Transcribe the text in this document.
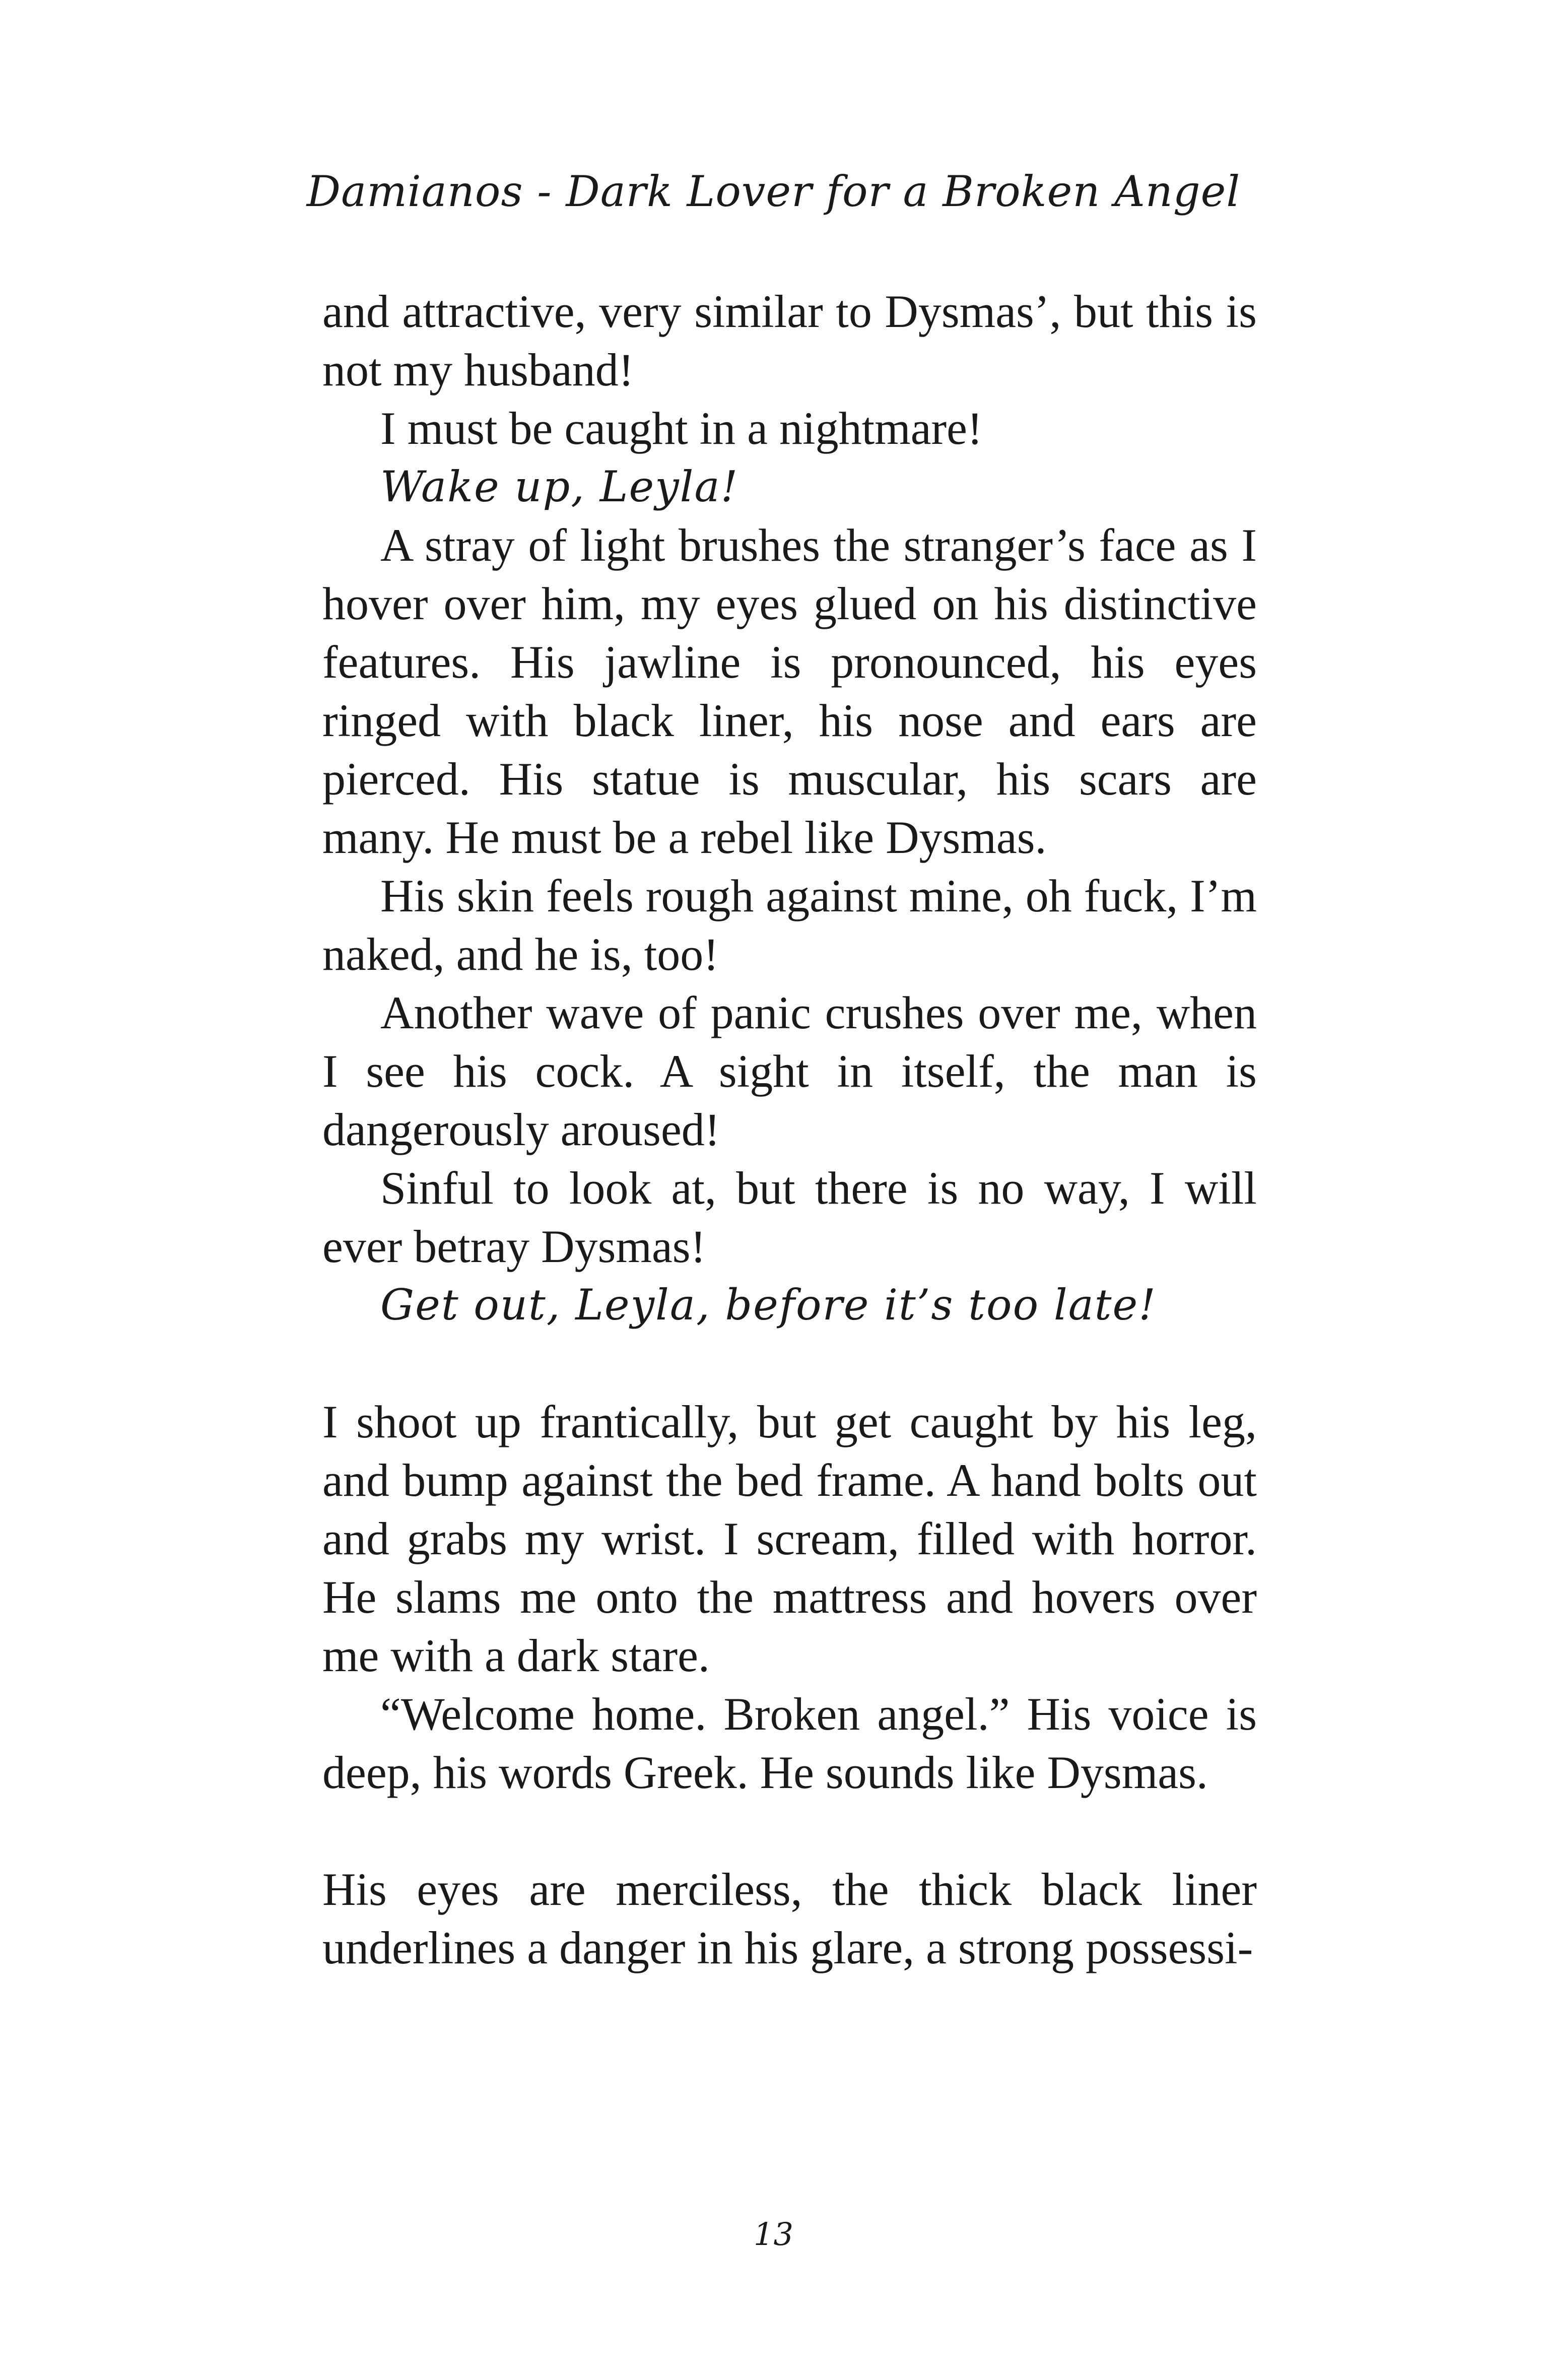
Damianos - Dark Lover for a Broken Angel

and attractive, very similar to Dysmas’, but this is not my husband!

I must be caught in a nightmare!

Wake up, Leyla!

A stray of light brushes the stranger’s face as I hover over him, my eyes glued on his distinctive features. His jawline is pronounced, his eyes ringed with black liner, his nose and ears are pierced. His statue is muscular, his scars are many. He must be a rebel like Dysmas.

His skin feels rough against mine, oh fuck, I’m naked, and he is, too!

Another wave of panic crushes over me, when I see his cock. A sight in itself, the man is dangerously aroused!

Sinful to look at, but there is no way, I will ever betray Dysmas!

Get out, Leyla, before it’s too late!

I shoot up frantically, but get caught by his leg, and bump against the bed frame. A hand bolts out and grabs my wrist. I scream, filled with horror. He slams me onto the mattress and hovers over me with a dark stare.

“Welcome home. Broken angel.” His voice is deep, his words Greek. He sounds like Dysmas.

His eyes are merciless, the thick black liner underlines a danger in his glare, a strong possessi-

13
